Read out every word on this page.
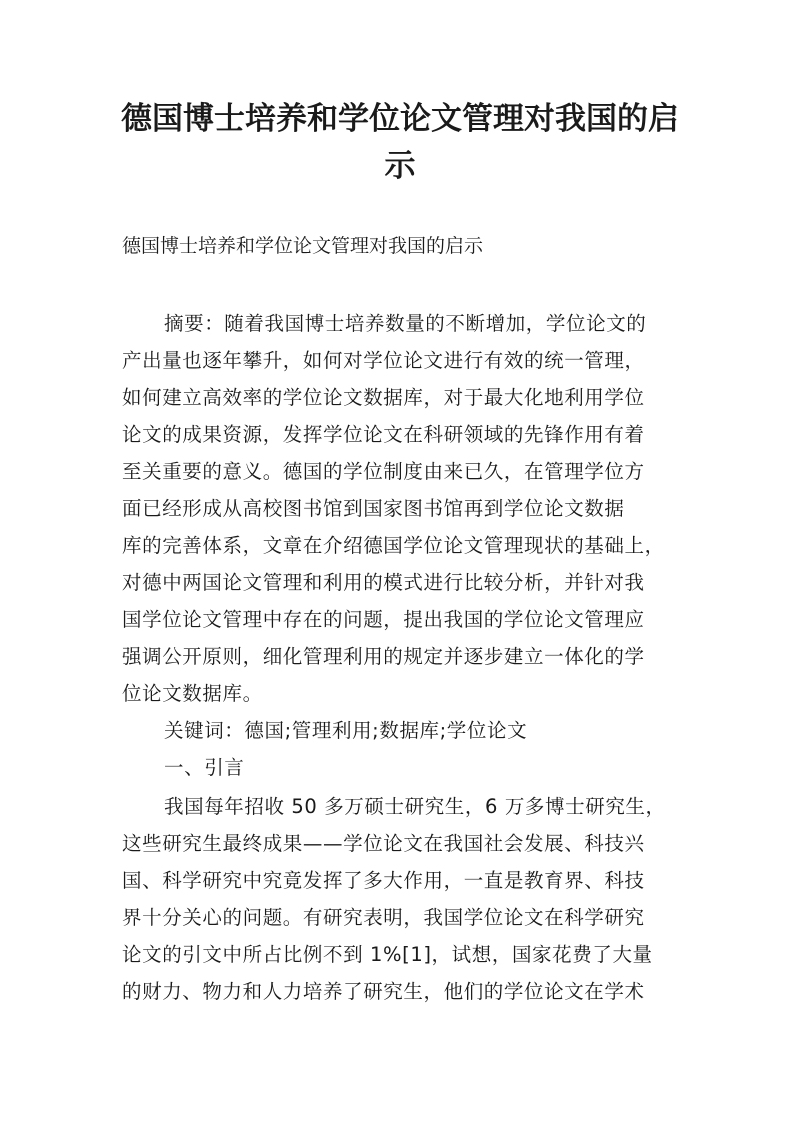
德国博士培养和学位论文管理对我国的启
示

德国博士培养和学位论文管理对我国的启示

摘要：随着我国博士培养数量的不断增加，学位论文的
产出量也逐年攀升，如何对学位论文进行有效的统一管理，
如何建立高效率的学位论文数据库，对于最大化地利用学位
论文的成果资源，发挥学位论文在科研领域的先锋作用有着
至关重要的意义。德国的学位制度由来已久，在管理学位方
面已经形成从高校图书馆到国家图书馆再到学位论文数据
库的完善体系，文章在介绍德国学位论文管理现状的基础上，
对德中两国论文管理和利用的模式进行比较分析，并针对我
国学位论文管理中存在的问题，提出我国的学位论文管理应
强调公开原则，细化管理利用的规定并逐步建立一体化的学
位论文数据库。
关键词：德国;管理利用;数据库;学位论文
一、引言
我国每年招收 50 多万硕士研究生，6 万多博士研究生，
这些研究生最终成果——学位论文在我国社会发展、科技兴
国、科学研究中究竟发挥了多大作用，一直是教育界、科技
界十分关心的问题。有研究表明，我国学位论文在科学研究
论文的引文中所占比例不到 1%[1]，试想，国家花费了大量
的财力、物力和人力培养了研究生，他们的学位论文在学术
